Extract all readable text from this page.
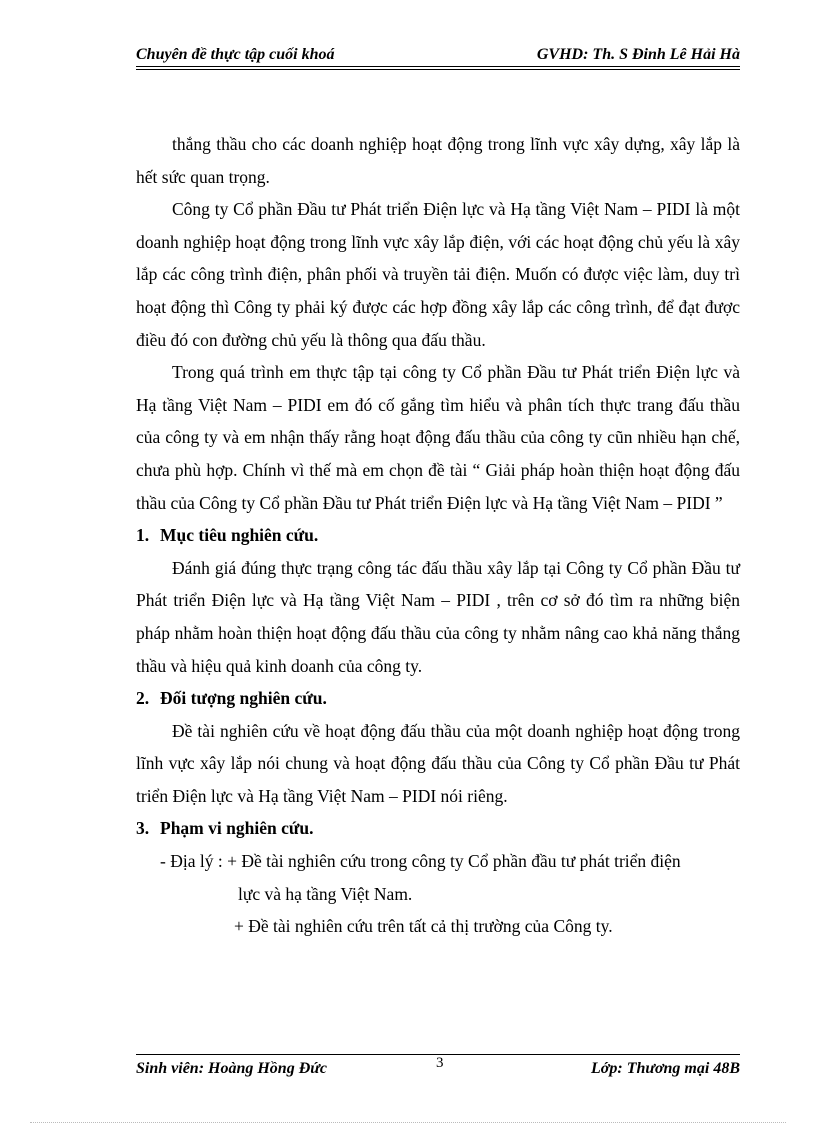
Chuyên đề thực tập cuối khoá	GVHD: Th. S Đinh Lê Hải Hà

thắng thầu cho các doanh nghiệp hoạt động trong lĩnh vực xây dựng, xây lắp là hết sức quan trọng.

Công ty Cổ phần Đầu tư Phát triển Điện lực và Hạ tầng Việt Nam – PIDI là một doanh nghiệp hoạt động trong lĩnh vực xây lắp điện, với các hoạt động chủ yếu là xây lắp các công trình điện, phân phối và truyền tải điện. Muốn có được việc làm, duy trì hoạt động thì Công ty phải ký được các hợp đồng xây lắp các công trình, để đạt được điều đó con đường chủ yếu là thông qua đấu thầu.

Trong quá trình em thực tập tại công ty Cổ phần Đầu tư Phát triển Điện lực và Hạ tầng Việt Nam – PIDI em đó cố gắng tìm hiểu và phân tích thực trang đấu thầu của công ty và em nhận thấy rằng hoạt động đấu thầu của công ty cũn nhiều hạn chế, chưa phù hợp. Chính vì thế mà em chọn đề tài “ Giải pháp hoàn thiện hoạt động đấu thầu của Công ty Cổ phần Đầu tư Phát triển Điện lực và Hạ tầng Việt Nam – PIDI ”

1. Mục tiêu nghiên cứu.

Đánh giá đúng thực trạng công tác đấu thầu xây lắp tại Công ty Cổ phần Đầu tư Phát triển Điện lực và Hạ tầng Việt Nam – PIDI , trên cơ sở đó tìm ra những biện pháp nhằm hoàn thiện hoạt động đấu thầu của công ty nhằm nâng cao khả năng thắng thầu và hiệu quả kinh doanh của công ty.

2. Đối tượng nghiên cứu.

Đề tài nghiên cứu về hoạt động đấu thầu của một doanh nghiệp hoạt động trong lĩnh vực xây lắp nói chung và hoạt động đấu thầu của Công ty Cổ phần Đầu tư Phát triển Điện lực và Hạ tầng Việt Nam – PIDI nói riêng.

3. Phạm vi nghiên cứu.

- Địa lý : + Đề tài nghiên cứu trong công ty Cổ phần đầu tư phát triển điện

lực và hạ tầng Việt Nam.

+ Đề tài nghiên cứu trên tất cả thị trường của Công ty.

Sinh viên: Hoàng Hồng Đức	3	Lớp: Thương mại 48B
